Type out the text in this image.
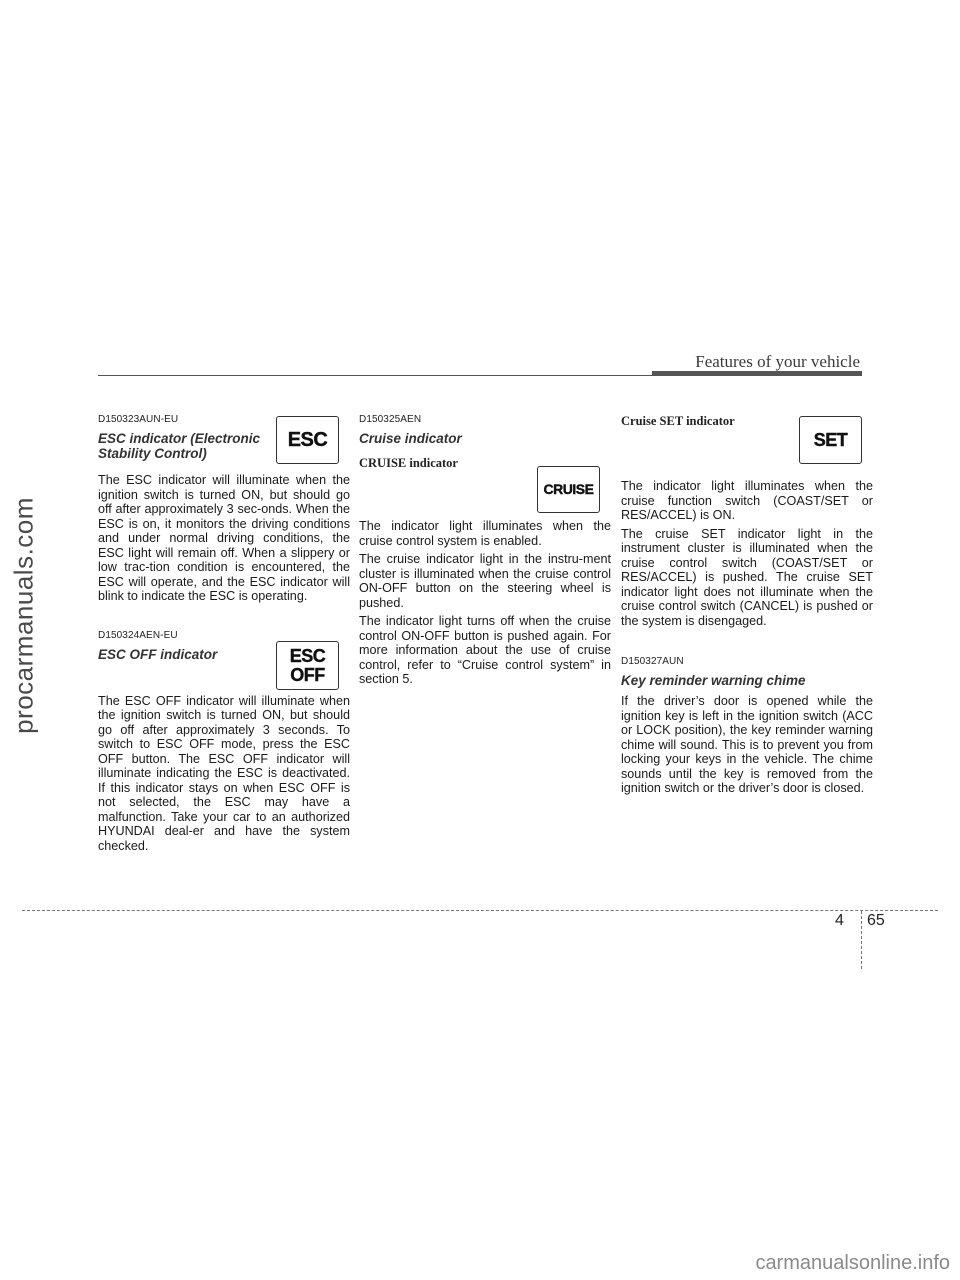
Features of your vehicle

D150323AUN-EU

ESC indicator (Electronic Stability Control)

The ESC indicator will illuminate when the ignition switch is turned ON, but should go off after approximately 3 sec-onds. When the ESC is on, it monitors the driving conditions and under normal driving conditions, the ESC light will remain off. When a slippery or low trac-tion condition is encountered, the ESC will operate, and the ESC indicator will blink to indicate the ESC is operating.

D150324AEN-EU

ESC OFF indicator

The ESC OFF indicator will illuminate when the ignition switch is turned ON, but should go off after approximately 3 seconds. To switch to ESC OFF mode, press the ESC OFF button. The ESC OFF indicator will illuminate indicating the ESC is deactivated. If this indicator stays on when ESC OFF is not selected, the ESC may have a malfunction. Take your car to an authorized HYUNDAI deal-er and have the system checked.

ESC
ESC
OFF

D150325AEN

Cruise indicator

CRUISE indicator

The indicator light illuminates when the cruise control system is enabled.

The cruise indicator light in the instru-ment cluster is illuminated when the cruise control ON-OFF button on the steering wheel is pushed.

The indicator light turns off when the cruise control ON-OFF button is pushed again. For more information about the use of cruise control, refer to “Cruise control system” in section 5.

CRUISE

Cruise SET indicator

The indicator light illuminates when the cruise function switch (COAST/SET or RES/ACCEL) is ON.

The cruise SET indicator light in the instrument cluster is illuminated when the cruise control switch (COAST/SET or RES/ACCEL) is pushed. The cruise SET indicator light does not illuminate when the cruise control switch (CANCEL) is pushed or the system is disengaged.

D150327AUN

Key reminder warning chime

If the driver’s door is opened while the ignition key is left in the ignition switch (ACC or LOCK position), the key reminder warning chime will sound. This is to prevent you from locking your keys in the vehicle. The chime sounds until the key is removed from the ignition switch or the driver’s door is closed.

SET
4 65
procarmanuals.com
carmanualsonline.info
